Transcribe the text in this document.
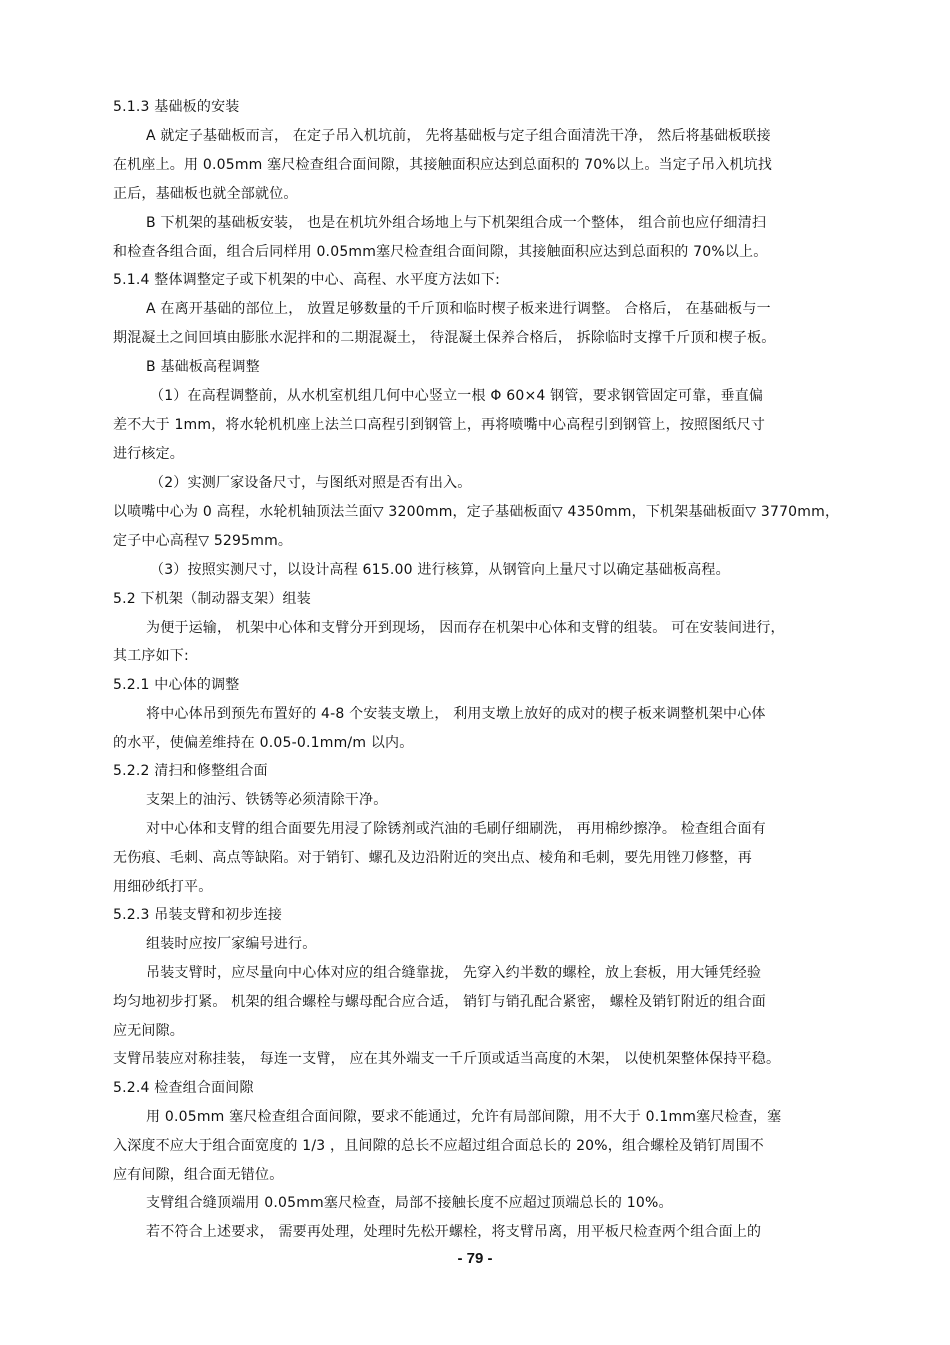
5.1.3 基础板的安装
A 就定子基础板而言， 在定子吊入机坑前， 先将基础板与定子组合面清洗干净， 然后将基础板联接
在机座上。用 0.05mm 塞尺检查组合面间隙，其接触面积应达到总面积的 70%以上。当定子吊入机坑找
正后，基础板也就全部就位。
B 下机架的基础板安装， 也是在机坑外组合场地上与下机架组合成一个整体， 组合前也应仔细清扫
和检查各组合面，组合后同样用 0.05mm塞尺检查组合面间隙，其接触面积应达到总面积的 70%以上。
5.1.4 整体调整定子或下机架的中心、高程、水平度方法如下:
A 在离开基础的部位上， 放置足够数量的千斤顶和临时楔子板来进行调整。 合格后， 在基础板与一
期混凝土之间回填由膨胀水泥拌和的二期混凝土， 待混凝土保养合格后， 拆除临时支撑千斤顶和楔子板。
B 基础板高程调整
（1）在高程调整前，从水机室机组几何中心竖立一根 Φ 60×4 钢管，要求钢管固定可靠，垂直偏
差不大于 1mm，将水轮机机座上法兰口高程引到钢管上，再将喷嘴中心高程引到钢管上，按照图纸尺寸
进行核定。
（2）实测厂家设备尺寸，与图纸对照是否有出入。
以喷嘴中心为 0 高程，水轮机轴顶法兰面▽ 3200mm，定子基础板面▽ 4350mm，下机架基础板面▽ 3770mm，
定子中心高程▽ 5295mm。
（3）按照实测尺寸，以设计高程 615.00 进行核算，从钢管向上量尺寸以确定基础板高程。
5.2 下机架（制动器支架）组装
为便于运输， 机架中心体和支臂分开到现场， 因而存在机架中心体和支臂的组装。 可在安装间进行，
其工序如下:
5.2.1 中心体的调整
将中心体吊到预先布置好的 4-8 个安装支墩上， 利用支墩上放好的成对的楔子板来调整机架中心体
的水平，使偏差维持在 0.05-0.1mm/m 以内。
5.2.2 清扫和修整组合面
支架上的油污、铁锈等必须清除干净。
对中心体和支臂的组合面要先用浸了除锈剂或汽油的毛刷仔细刷洗， 再用棉纱擦净。 检查组合面有
无伤痕、毛刺、高点等缺陷。对于销钉、螺孔及边沿附近的突出点、棱角和毛刺，要先用锉刀修整，再
用细砂纸打平。
5.2.3 吊装支臂和初步连接
组装时应按厂家编号进行。
吊装支臂时，应尽量向中心体对应的组合缝靠拢， 先穿入约半数的螺栓，放上套板，用大锤凭经验
均匀地初步打紧。 机架的组合螺栓与螺母配合应合适， 销钉与销孔配合紧密， 螺栓及销钉附近的组合面
应无间隙。
支臂吊装应对称挂装， 每连一支臂， 应在其外端支一千斤顶或适当高度的木架， 以使机架整体保持平稳。
5.2.4 检查组合面间隙
用 0.05mm 塞尺检查组合面间隙，要求不能通过，允许有局部间隙，用不大于 0.1mm塞尺检查，塞
入深度不应大于组合面宽度的 1/3 ，且间隙的总长不应超过组合面总长的 20%，组合螺栓及销钉周围不
应有间隙，组合面无错位。
支臂组合缝顶端用 0.05mm塞尺检查，局部不接触长度不应超过顶端总长的 10%。
若不符合上述要求， 需要再处理，处理时先松开螺栓，将支臂吊离，用平板尺检查两个组合面上的
- 79 -
